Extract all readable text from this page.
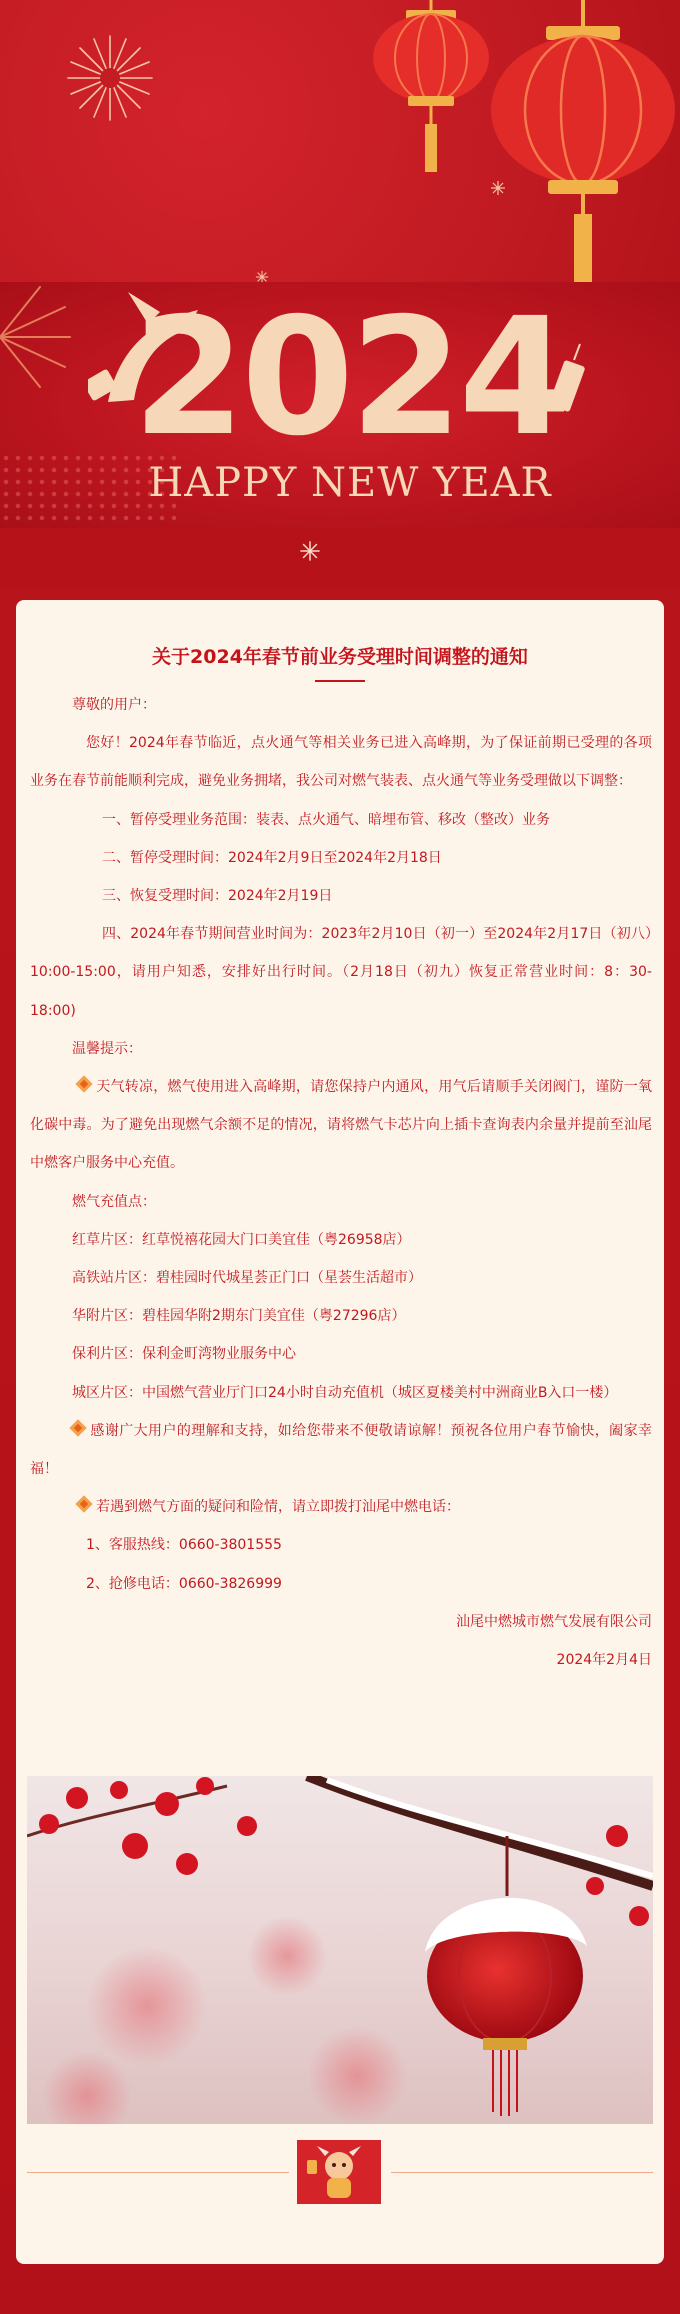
2024
HAPPY NEW YEAR
关于2024年春节前业务受理时间调整的通知

尊敬的用户：

您好！2024年春节临近，点火通气等相关业务已进入高峰期，为了保证前期已受理的各项业务在春节前能顺利完成，避免业务拥堵，我公司对燃气装表、点火通气等业务受理做以下调整：

一、暂停受理业务范围：装表、点火通气、暗埋布管、移改（整改）业务

二、暂停受理时间：2024年2月9日至2024年2月18日

三、恢复受理时间：2024年2月19日

四、2024年春节期间营业时间为：2023年2月10日（初一）至2024年2月17日（初八）10:00-15:00，请用户知悉，安排好出行时间。（2月18日（初九）恢复正常营业时间：8：30-18:00)

温馨提示：

天气转凉，燃气使用进入高峰期，请您保持户内通风，用气后请顺手关闭阀门，谨防一氧化碳中毒。为了避免出现燃气余额不足的情况，请将燃气卡芯片向上插卡查询表内余量并提前至汕尾中燃客户服务中心充值。

燃气充值点：

红草片区：红草悦禧花园大门口美宜佳（粤26958店）

高铁站片区：碧桂园时代城星荟正门口（星荟生活超市）

华附片区：碧桂园华附2期东门美宜佳（粤27296店）

保利片区：保利金町湾物业服务中心

城区片区：中国燃气营业厅门口24小时自动充值机（城区夏楼美村中洲商业B入口一楼）

感谢广大用户的理解和支持，如给您带来不便敬请谅解！预祝各位用户春节愉快，阖家幸福！

若遇到燃气方面的疑问和险情，请立即拨打汕尾中燃电话：

1、客服热线：0660-3801555

2、抢修电话：0660-3826999

汕尾中燃城市燃气发展有限公司

2024年2月4日
